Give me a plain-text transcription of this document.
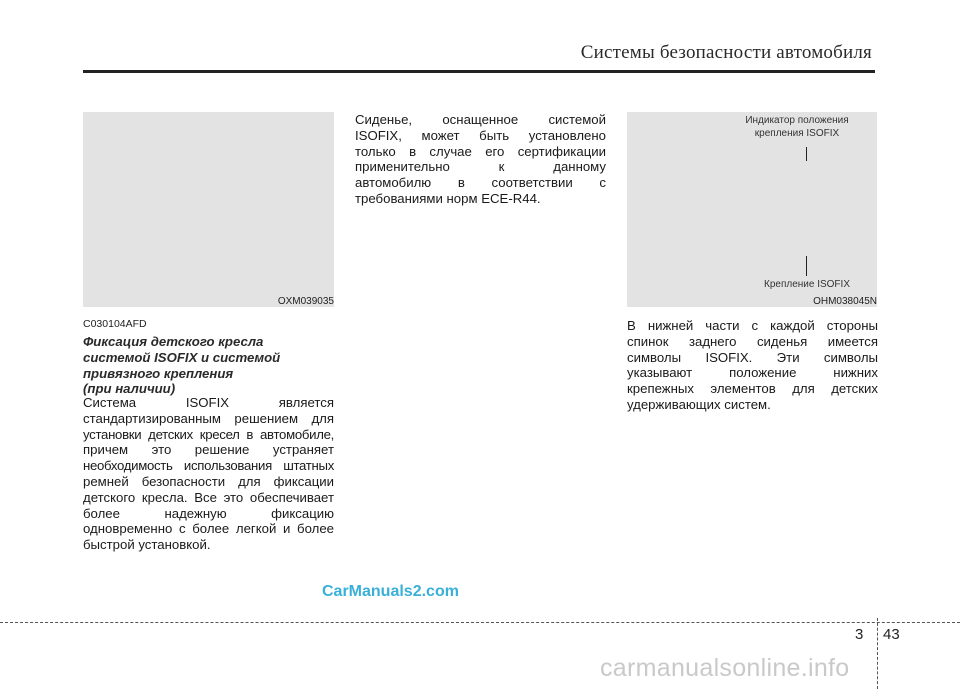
Системы безопасности автомобиля
OXM039035
C030104AFD
Фиксация детского кресла
системой ISOFIX и системой
привязного крепления
(при наличии)
Система ISOFIX является
стандартизированным решением для
установки детских кресел в автомобиле,
причем это решение устраняет
необходимость использования штатных
ремней безопасности для фиксации
детского кресла. Все это обеспечивает
более надежную фиксацию
одновременно с более легкой и более
быстрой установкой.
Сиденье, оснащенное системой
ISOFIX, может быть установлено
только в случае его сертификации
применительно к данному
автомобилю в соответствии с
требованиями норм ECE-R44.
Индикатор положения
крепления ISOFIX
Крепление ISOFIX
OHM038045N
В нижней части с каждой стороны
спинок заднего сиденья имеется
символы ISOFIX. Эти символы
указывают положение нижних
крепежных элементов для детских
удерживающих систем.
CarManuals2.com
carmanualsonline.info
3 43
